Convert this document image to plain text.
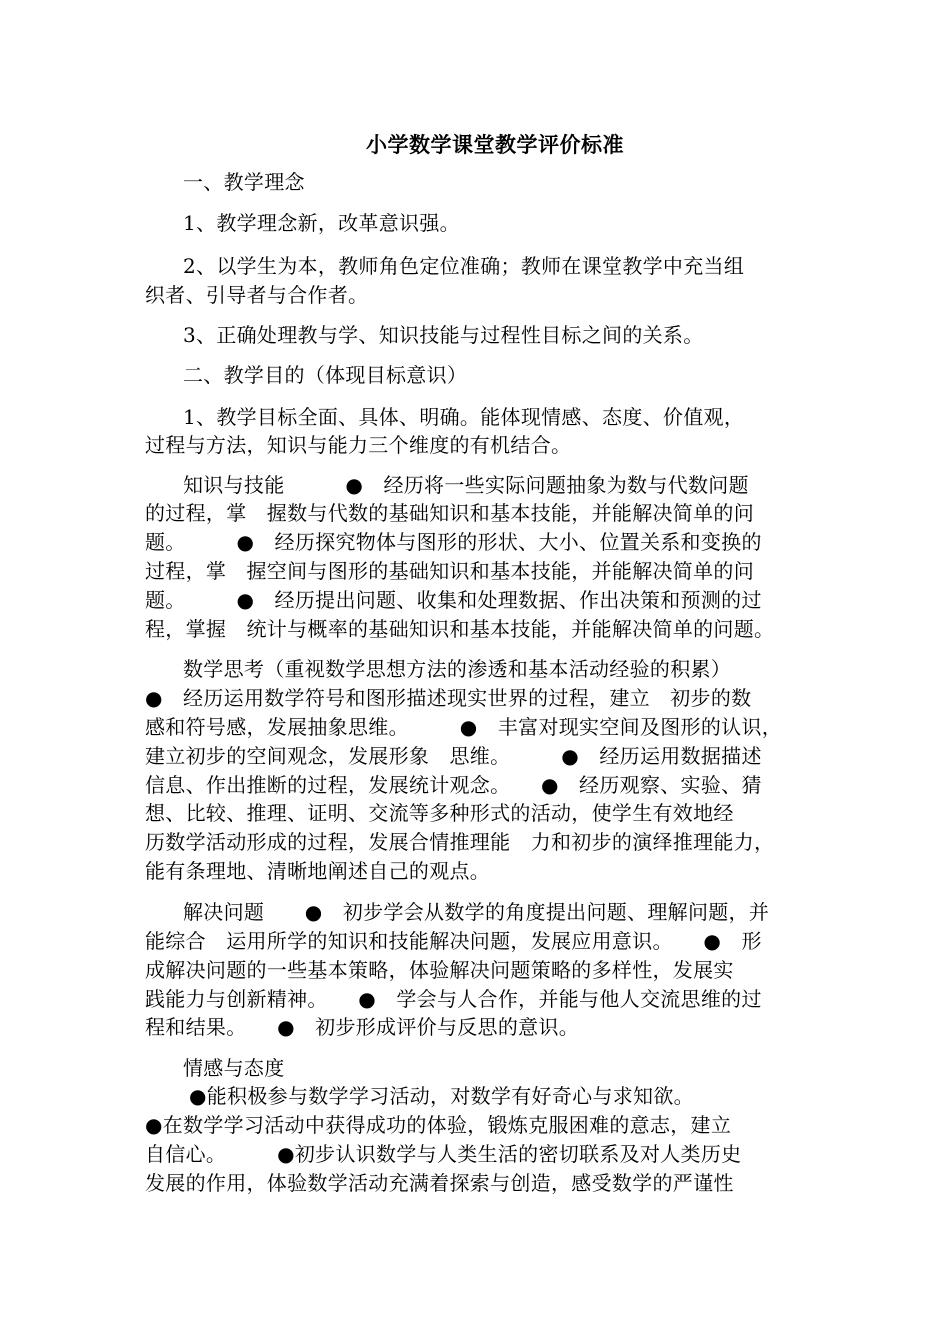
小学数学课堂教学评价标准
一、教学理念
1、教学理念新，改革意识强。
2、以学生为本，教师角色定位准确；教师在课堂教学中充当组
织者、引导者与合作者。
3、正确处理教与学、知识技能与过程性目标之间的关系。
二、教学目的（体现目标意识）
1、教学目标全面、具体、明确。能体现情感、态度、价值观，
过程与方法，知识与能力三个维度的有机结合。
知识与技能　　　●　经历将一些实际问题抽象为数与代数问题
的过程，掌　握数与代数的基础知识和基本技能，并能解决简单的问
题。　　　●　经历探究物体与图形的形状、大小、位置关系和变换的
过程，掌　握空间与图形的基础知识和基本技能，并能解决简单的问
题。　　　●　经历提出问题、收集和处理数据、作出决策和预测的过
程，掌握　统计与概率的基础知识和基本技能，并能解决简单的问题。
数学思考（重视数学思想方法的渗透和基本活动经验的积累）
●　经历运用数学符号和图形描述现实世界的过程，建立　初步的数
感和符号感，发展抽象思维。　　　●　丰富对现实空间及图形的认识，
建立初步的空间观念，发展形象　思维。　　　●　经历运用数据描述
信息、作出推断的过程，发展统计观念。　　●　经历观察、实验、猜
想、比较、推理、证明、交流等多种形式的活动，使学生有效地经
历数学活动形成的过程，发展合情推理能　力和初步的演绎推理能力，
能有条理地、清晰地阐述自己的观点。
解决问题　　●　初步学会从数学的角度提出问题、理解问题，并
能综合　运用所学的知识和技能解决问题，发展应用意识。　　●　形
成解决问题的一些基本策略，体验解决问题策略的多样性，发展实
践能力与创新精神。　　●　学会与人合作，并能与他人交流思维的过
程和结果。　　●　初步形成评价与反思的意识。
情感与态度
●能积极参与数学学习活动，对数学有好奇心与求知欲。
●在数学学习活动中获得成功的体验，锻炼克服困难的意志，建立
自信心。　　　●初步认识数学与人类生活的密切联系及对人类历史
发展的作用，体验数学活动充满着探索与创造，感受数学的严谨性
